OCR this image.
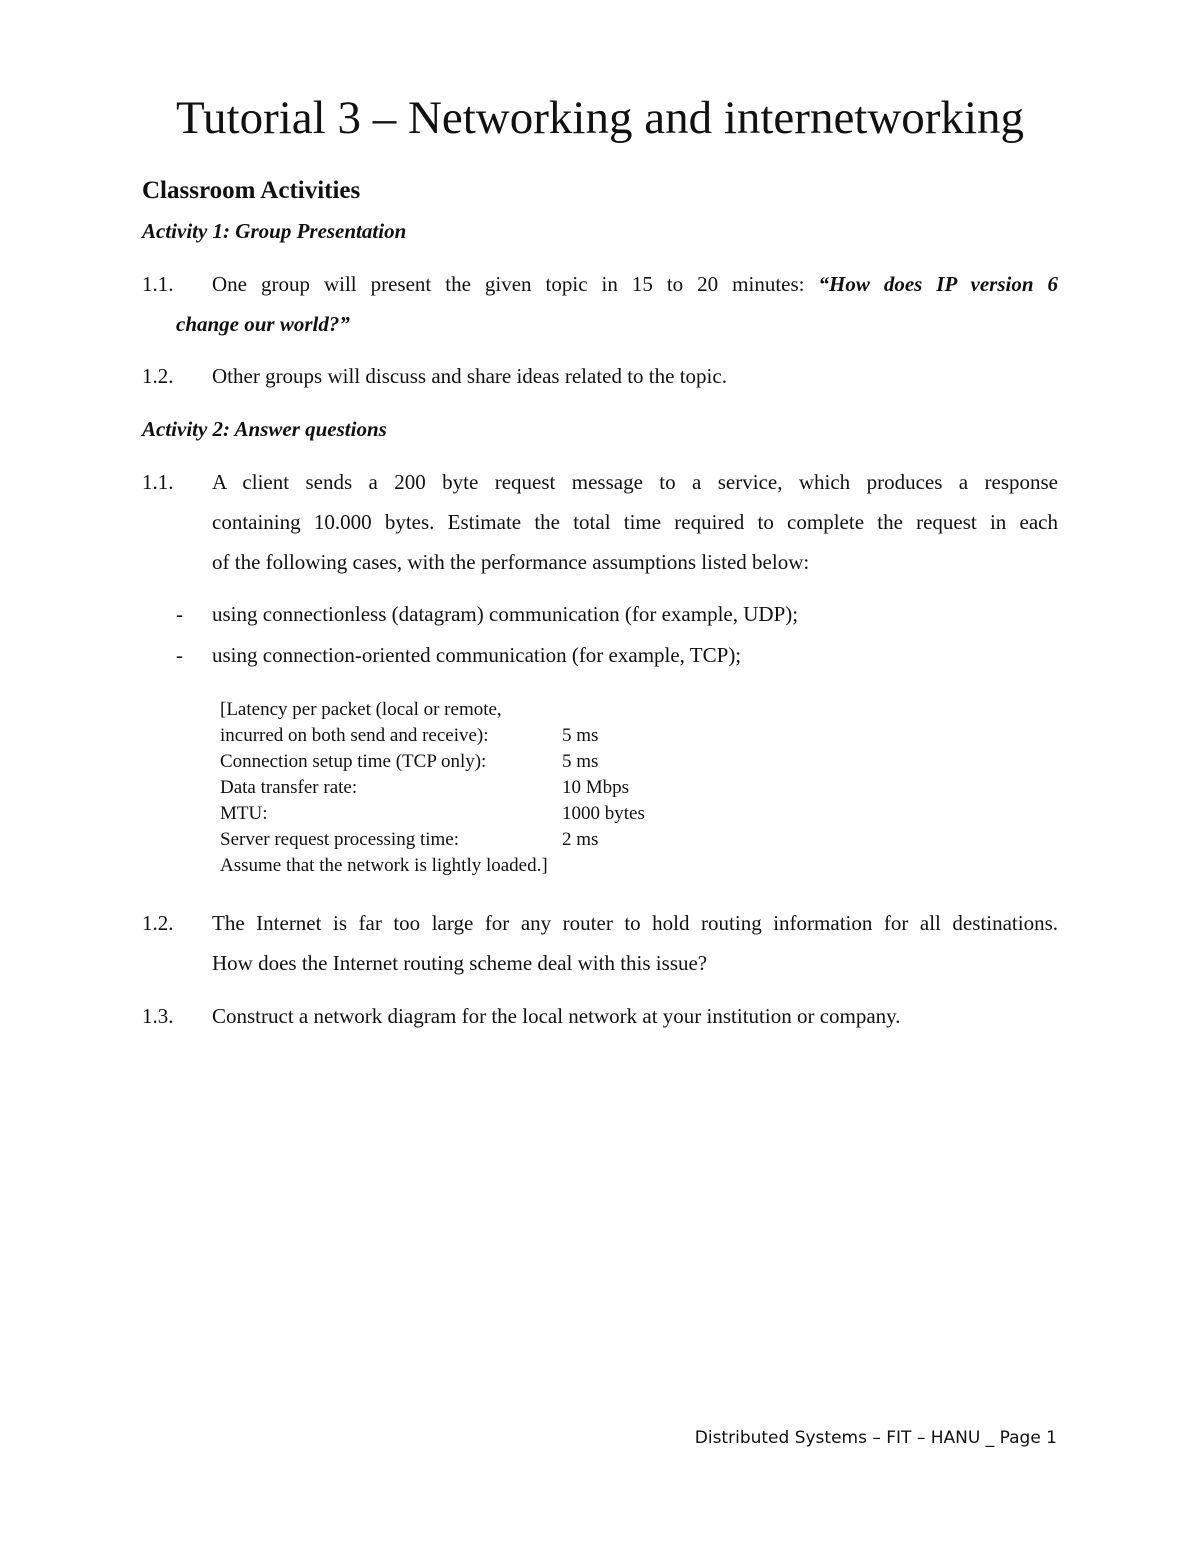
Tutorial 3 – Networking and internetworking
Classroom Activities
Activity 1: Group Presentation
1.1. One group will present the given topic in 15 to 20 minutes: “How does IP version 6
change our world?”
1.2. Other groups will discuss and share ideas related to the topic.
Activity 2: Answer questions
1.1. A client sends a 200 byte request message to a service, which produces a response
containing 10.000 bytes. Estimate the total time required to complete the request in each
of the following cases, with the performance assumptions listed below:
- using connectionless (datagram) communication (for example, UDP);
- using connection-oriented communication (for example, TCP);
[Latency per packet (local or remote,
incurred on both send and receive):	5 ms
Connection setup time (TCP only):	5 ms
Data transfer rate:	10 Mbps
MTU:	1000 bytes
Server request processing time:	2 ms
Assume that the network is lightly loaded.]
1.2. The Internet is far too large for any router to hold routing information for all destinations.
How does the Internet routing scheme deal with this issue?
1.3. Construct a network diagram for the local network at your institution or company.
Distributed Systems – FIT – HANU _ Page 1
